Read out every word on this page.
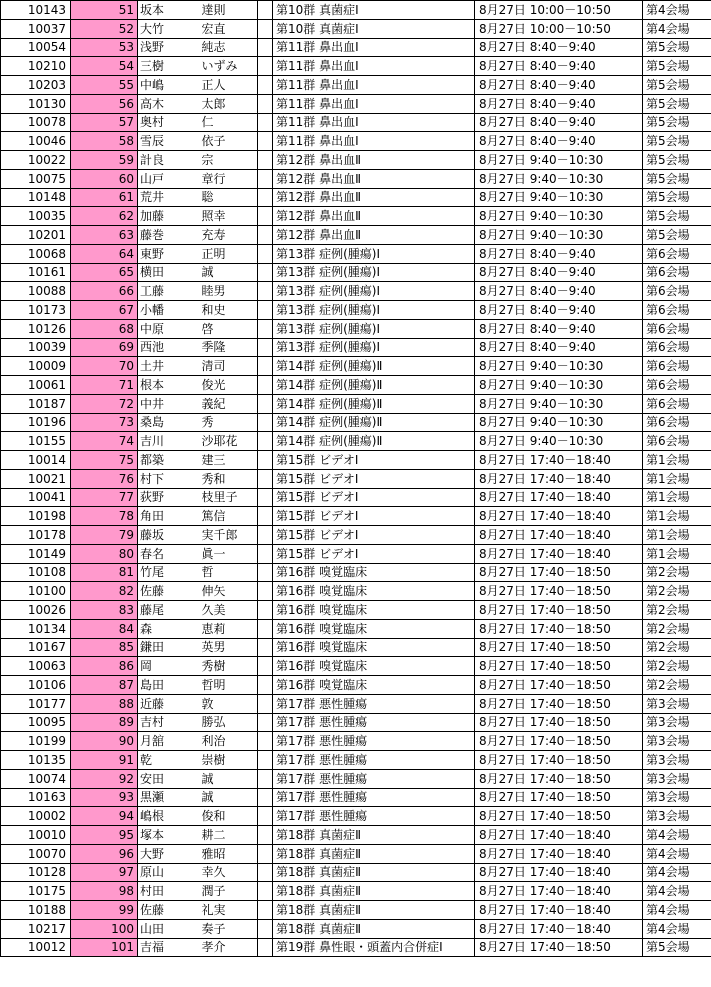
10143	51	坂本	達則		第10群 真菌症Ⅰ	8月27日 10:00－10:50	第4会場
10037	52	大竹	宏直		第10群 真菌症Ⅰ	8月27日 10:00－10:50	第4会場
10054	53	浅野	純志		第11群 鼻出血Ⅰ	8月27日 8:40－9:40	第5会場
10210	54	三樹	いずみ		第11群 鼻出血Ⅰ	8月27日 8:40－9:40	第5会場
10203	55	中嶋	正人		第11群 鼻出血Ⅰ	8月27日 8:40－9:40	第5会場
10130	56	高木	太郎		第11群 鼻出血Ⅰ	8月27日 8:40－9:40	第5会場
10078	57	奥村	仁		第11群 鼻出血Ⅰ	8月27日 8:40－9:40	第5会場
10046	58	雪辰	依子		第11群 鼻出血Ⅰ	8月27日 8:40－9:40	第5会場
10022	59	計良	宗		第12群 鼻出血Ⅱ	8月27日 9:40－10:30	第5会場
10075	60	山戸	章行		第12群 鼻出血Ⅱ	8月27日 9:40－10:30	第5会場
10148	61	荒井	聡		第12群 鼻出血Ⅱ	8月27日 9:40－10:30	第5会場
10035	62	加藤	照幸		第12群 鼻出血Ⅱ	8月27日 9:40－10:30	第5会場
10201	63	藤巻	充寿		第12群 鼻出血Ⅱ	8月27日 9:40－10:30	第5会場
10068	64	東野	正明		第13群 症例(腫瘍)Ⅰ	8月27日 8:40－9:40	第6会場
10161	65	横田	誠		第13群 症例(腫瘍)Ⅰ	8月27日 8:40－9:40	第6会場
10088	66	工藤	睦男		第13群 症例(腫瘍)Ⅰ	8月27日 8:40－9:40	第6会場
10173	67	小幡	和史		第13群 症例(腫瘍)Ⅰ	8月27日 8:40－9:40	第6会場
10126	68	中原	啓		第13群 症例(腫瘍)Ⅰ	8月27日 8:40－9:40	第6会場
10039	69	西池	季隆		第13群 症例(腫瘍)Ⅰ	8月27日 8:40－9:40	第6会場
10009	70	土井	清司		第14群 症例(腫瘍)Ⅱ	8月27日 9:40－10:30	第6会場
10061	71	根本	俊光		第14群 症例(腫瘍)Ⅱ	8月27日 9:40－10:30	第6会場
10187	72	中井	義紀		第14群 症例(腫瘍)Ⅱ	8月27日 9:40－10:30	第6会場
10196	73	桑島	秀		第14群 症例(腫瘍)Ⅱ	8月27日 9:40－10:30	第6会場
10155	74	吉川	沙耶花		第14群 症例(腫瘍)Ⅱ	8月27日 9:40－10:30	第6会場
10014	75	都築	建三		第15群 ビデオⅠ	8月27日 17:40－18:40	第1会場
10021	76	村下	秀和		第15群 ビデオⅠ	8月27日 17:40－18:40	第1会場
10041	77	荻野	枝里子		第15群 ビデオⅠ	8月27日 17:40－18:40	第1会場
10198	78	角田	篤信		第15群 ビデオⅠ	8月27日 17:40－18:40	第1会場
10178	79	藤坂	実千郎		第15群 ビデオⅠ	8月27日 17:40－18:40	第1会場
10149	80	春名	眞一		第15群 ビデオⅠ	8月27日 17:40－18:40	第1会場
10108	81	竹尾	哲		第16群 嗅覚臨床	8月27日 17:40－18:50	第2会場
10100	82	佐藤	伸矢		第16群 嗅覚臨床	8月27日 17:40－18:50	第2会場
10026	83	藤尾	久美		第16群 嗅覚臨床	8月27日 17:40－18:50	第2会場
10134	84	森	恵莉		第16群 嗅覚臨床	8月27日 17:40－18:50	第2会場
10167	85	鎌田	英男		第16群 嗅覚臨床	8月27日 17:40－18:50	第2会場
10063	86	岡	秀樹		第16群 嗅覚臨床	8月27日 17:40－18:50	第2会場
10106	87	島田	哲明		第16群 嗅覚臨床	8月27日 17:40－18:50	第2会場
10177	88	近藤	敦		第17群 悪性腫瘍	8月27日 17:40－18:50	第3会場
10095	89	吉村	勝弘		第17群 悪性腫瘍	8月27日 17:40－18:50	第3会場
10199	90	月舘	利治		第17群 悪性腫瘍	8月27日 17:40－18:50	第3会場
10135	91	乾	崇樹		第17群 悪性腫瘍	8月27日 17:40－18:50	第3会場
10074	92	安田	誠		第17群 悪性腫瘍	8月27日 17:40－18:50	第3会場
10163	93	黒瀬	誠		第17群 悪性腫瘍	8月27日 17:40－18:50	第3会場
10002	94	嶋根	俊和		第17群 悪性腫瘍	8月27日 17:40－18:50	第3会場
10010	95	塚本	耕二		第18群 真菌症Ⅱ	8月27日 17:40－18:40	第4会場
10070	96	大野	雅昭		第18群 真菌症Ⅱ	8月27日 17:40－18:40	第4会場
10128	97	原山	幸久		第18群 真菌症Ⅱ	8月27日 17:40－18:40	第4会場
10175	98	村田	潤子		第18群 真菌症Ⅱ	8月27日 17:40－18:40	第4会場
10188	99	佐藤	礼実		第18群 真菌症Ⅱ	8月27日 17:40－18:40	第4会場
10217	100	山田	奏子		第18群 真菌症Ⅱ	8月27日 17:40－18:40	第4会場
10012	101	吉福	孝介		第19群 鼻性眼・頭蓋内合併症Ⅰ	8月27日 17:40－18:50	第5会場
